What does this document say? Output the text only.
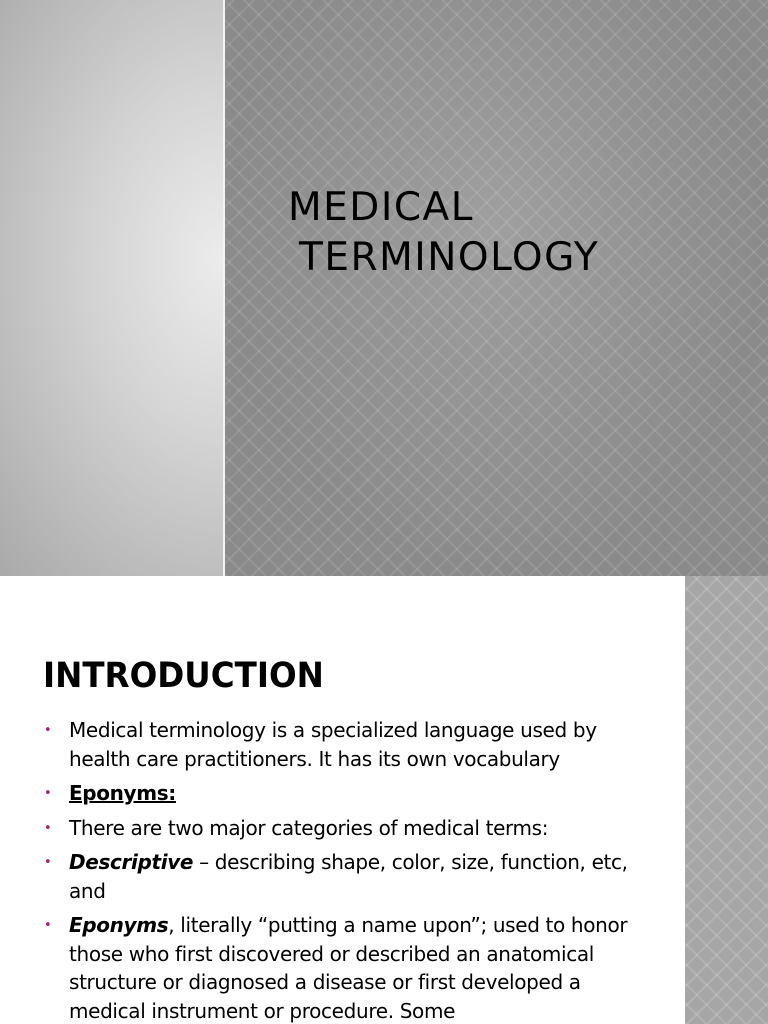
MEDICAL
TERMINOLOGY
INTRODUCTION
• Medical terminology is a specialized language used by health care practitioners. It has its own vocabulary
• Eponyms:
• There are two major categories of medical terms:
• Descriptive – describing shape, color, size, function, etc, and
• Eponyms, literally “putting a name upon”; used to honor those who first discovered or described an anatomical structure or diagnosed a disease or first developed a medical instrument or procedure. Some
